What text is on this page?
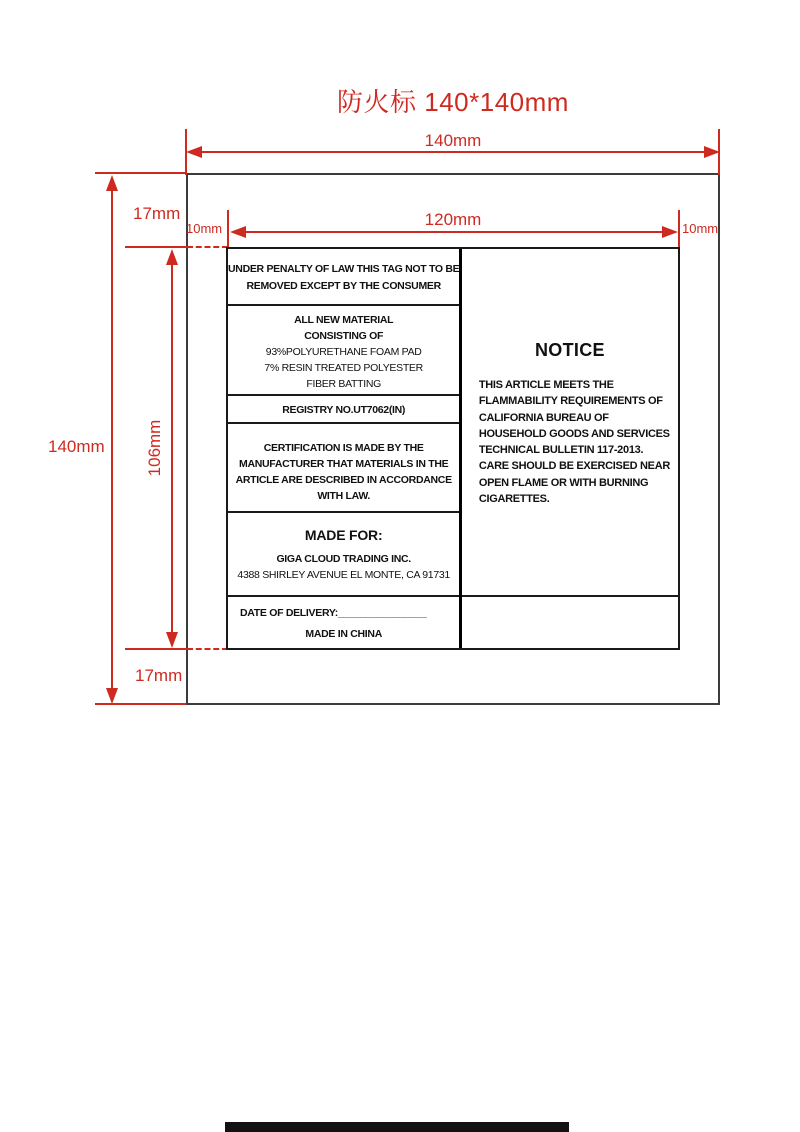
防火标 140*140mm
140mm
140mm
17mm
17mm
106mm
10mm	120mm	10mm
UNDER PENALTY OF LAW THIS TAG NOT TO BE
REMOVED EXCEPT BY THE CONSUMER
ALL NEW MATERIAL
CONSISTING OF
93%POLYURETHANE FOAM PAD
7% RESIN TREATED POLYESTER
FIBER BATTING
REGISTRY NO.UT7062(IN)
CERTIFICATION IS MADE BY THE
MANUFACTURER THAT MATERIALS IN THE
ARTICLE ARE DESCRIBED IN ACCORDANCE
WITH LAW.
MADE FOR:
GIGA CLOUD TRADING INC.
4388 SHIRLEY AVENUE EL MONTE, CA 91731
DATE OF DELIVERY:________________
MADE IN CHINA
NOTICE
THIS ARTICLE MEETS THE
FLAMMABILITY REQUIREMENTS OF
CALIFORNIA BUREAU OF
HOUSEHOLD GOODS AND SERVICES
TECHNICAL BULLETIN 117-2013.
CARE SHOULD BE EXERCISED NEAR
OPEN FLAME OR WITH BURNING
CIGARETTES.
